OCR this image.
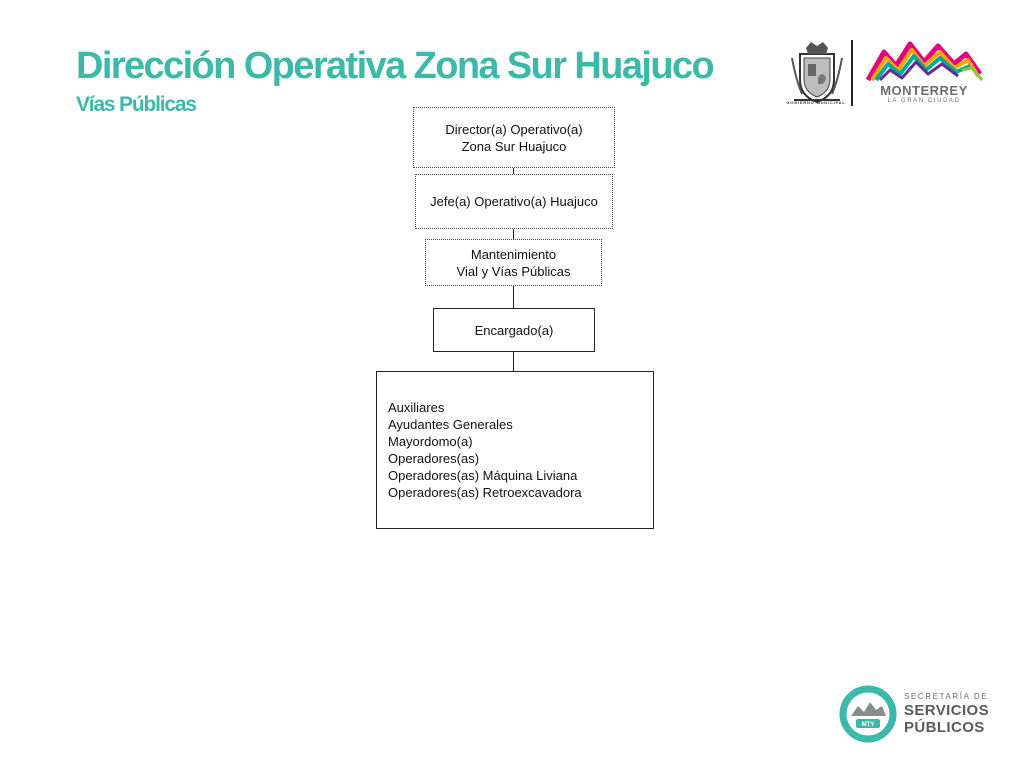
Dirección Operativa Zona Sur Huajuco
Vías Públicas	GOBIERNO MUNICIPAL
MONTERREY
LA GRAN CIUDAD
Director(a) Operativo(a)
Zona Sur Huajuco
Jefe(a) Operativo(a) Huajuco
Mantenimiento
Vial y Vías Públicas
Encargado(a)
Auxiliares
Ayudantes Generales
Mayordomo(a)
Operadores(as)
Operadores(as) Máquina Liviana
Operadores(as) Retroexcavadora
MTY
SECRETARÍA DE
SERVICIOS
PÚBLICOS
